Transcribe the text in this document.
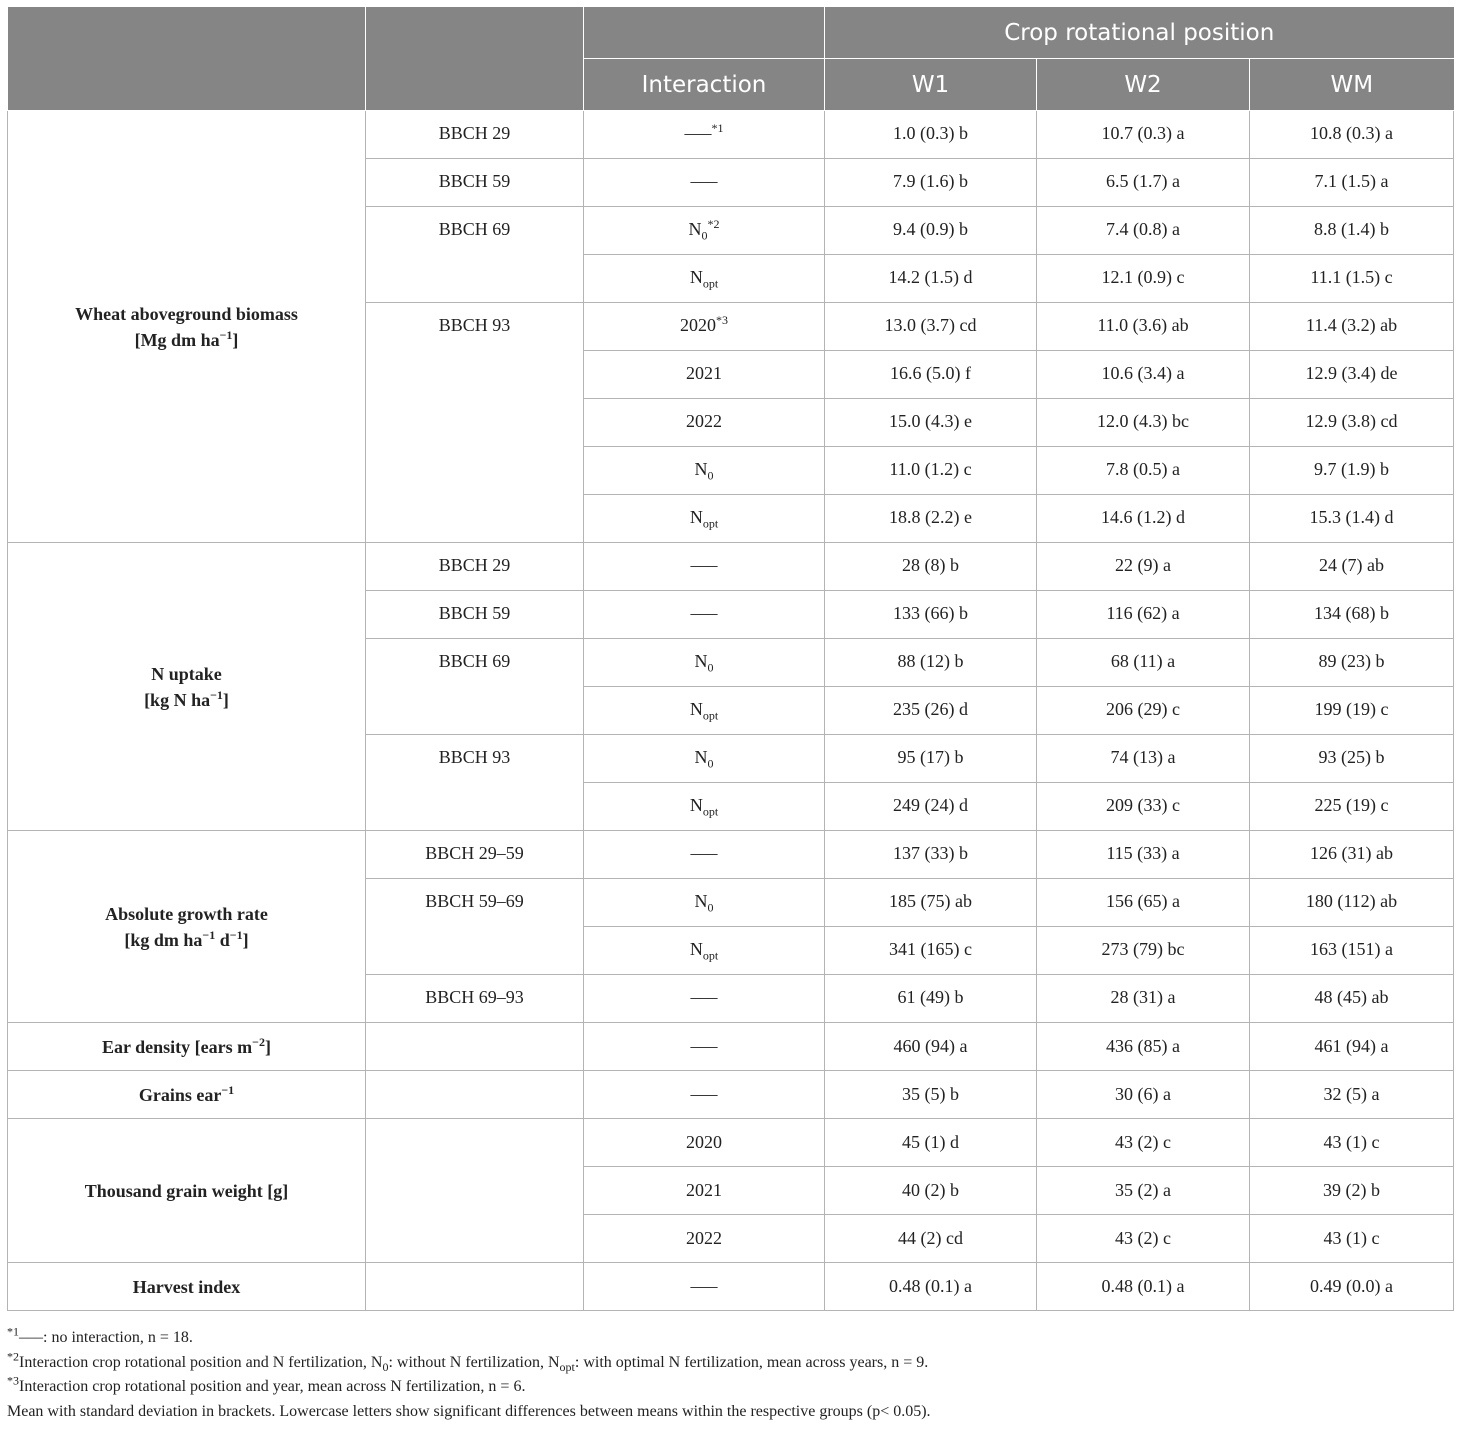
			Crop rotational position		
		Interaction	W1	W2	WM
Wheat aboveground biomass
[Mg dm $ha^{-1}$]	BBCH 29	–––$^{*1}$	1.0 (0.3) b	10.7 (0.3) a	10.8 (0.3) a
	BBCH 59	–––	7.9 (1.6) b	6.5 (1.7) a	7.1 (1.5) a
	BBCH 69	$N_0^{*2}$	9.4 (0.9) b	7.4 (0.8) a	8.8 (1.4) b
		$N_{opt}$	14.2 (1.5) d	12.1 (0.9) c	11.1 (1.5) c
	BBCH 93	2020$^{*3}$	13.0 (3.7) cd	11.0 (3.6) ab	11.4 (3.2) ab
		2021	16.6 (5.0) f	10.6 (3.4) a	12.9 (3.4) de
		2022	15.0 (4.3) e	12.0 (4.3) bc	12.9 (3.8) cd
		$N_0$	11.0 (1.2) c	7.8 (0.5) a	9.7 (1.9) b
		$N_{opt}$	18.8 (2.2) e	14.6 (1.2) d	15.3 (1.4) d
N uptake
[kg N $ha^{-1}$]	BBCH 29	–––	28 (8) b	22 (9) a	24 (7) ab
	BBCH 59	–––	133 (66) b	116 (62) a	134 (68) b
	BBCH 69	$N_0$	88 (12) b	68 (11) a	89 (23) b
		$N_{opt}$	235 (26) d	206 (29) c	199 (19) c
	BBCH 93	$N_0$	95 (17) b	74 (13) a	93 (25) b
		$N_{opt}$	249 (24) d	209 (33) c	225 (19) c
Absolute growth rate
[kg dm $ha^{-1}$ $d^{-1}$]	BBCH 29–59	–––	137 (33) b	115 (33) a	126 (31) ab
	BBCH 59–69	$N_0$	185 (75) ab	156 (65) a	180 (112) ab
		$N_{opt}$	341 (165) c	273 (79) bc	163 (151) a
	BBCH 69–93	–––	61 (49) b	28 (31) a	48 (45) ab
Ear density [ears $m^{-2}$]		–––	460 (94) a	436 (85) a	461 (94) a
Grains ear$^{-1}$		–––	35 (5) b	30 (6) a	32 (5) a
Thousand grain weight [g]		2020	45 (1) d	43 (2) c	43 (1) c
		2021	40 (2) b	35 (2) a	39 (2) b
		2022	44 (2) cd	43 (2) c	43 (1) c
Harvest index		–––	0.48 (0.1) a	0.48 (0.1) a	0.49 (0.0) a
$^{*1}$–––: no interaction, n = 18.
$^{*2}$Interaction crop rotational position and N fertilization, $N_0$: without N fertilization, $N_{opt}$: with optimal N fertilization, mean across years, n = 9.
$^{*3}$Interaction crop rotational position and year, mean across N fertilization, n = 6.
Mean with standard deviation in brackets. Lowercase letters show significant differences between means within the respective groups (p< 0.05).
